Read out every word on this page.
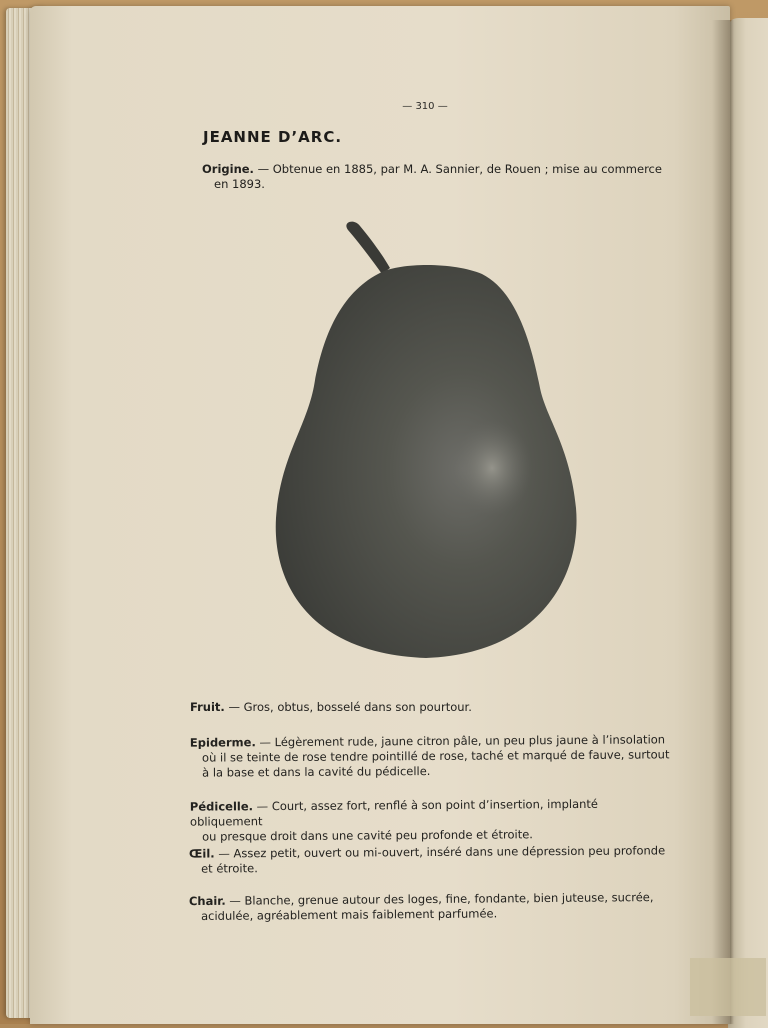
— 310 —
JEANNE D’ARC.
Origine. — Obtenue en 1885, par M. A. Sannier, de Rouen ; mise au commerce
en 1893.
Fruit. — Gros, obtus, bosselé dans son pourtour.
Epiderme. — Légèrement rude, jaune citron pâle, un peu plus jaune à l’insolation
où il se teinte de rose tendre pointillé de rose, taché et marqué de fauve, surtout
à la base et dans la cavité du pédicelle.
Pédicelle. — Court, assez fort, renflé à son point d’insertion, implanté obliquement
ou presque droit dans une cavité peu profonde et étroite.
Œil. — Assez petit, ouvert ou mi-ouvert, inséré dans une dépression peu profonde
et étroite.
Chair. — Blanche, grenue autour des loges, fine, fondante, bien juteuse, sucrée,
acidulée, agréablement mais faiblement parfumée.
